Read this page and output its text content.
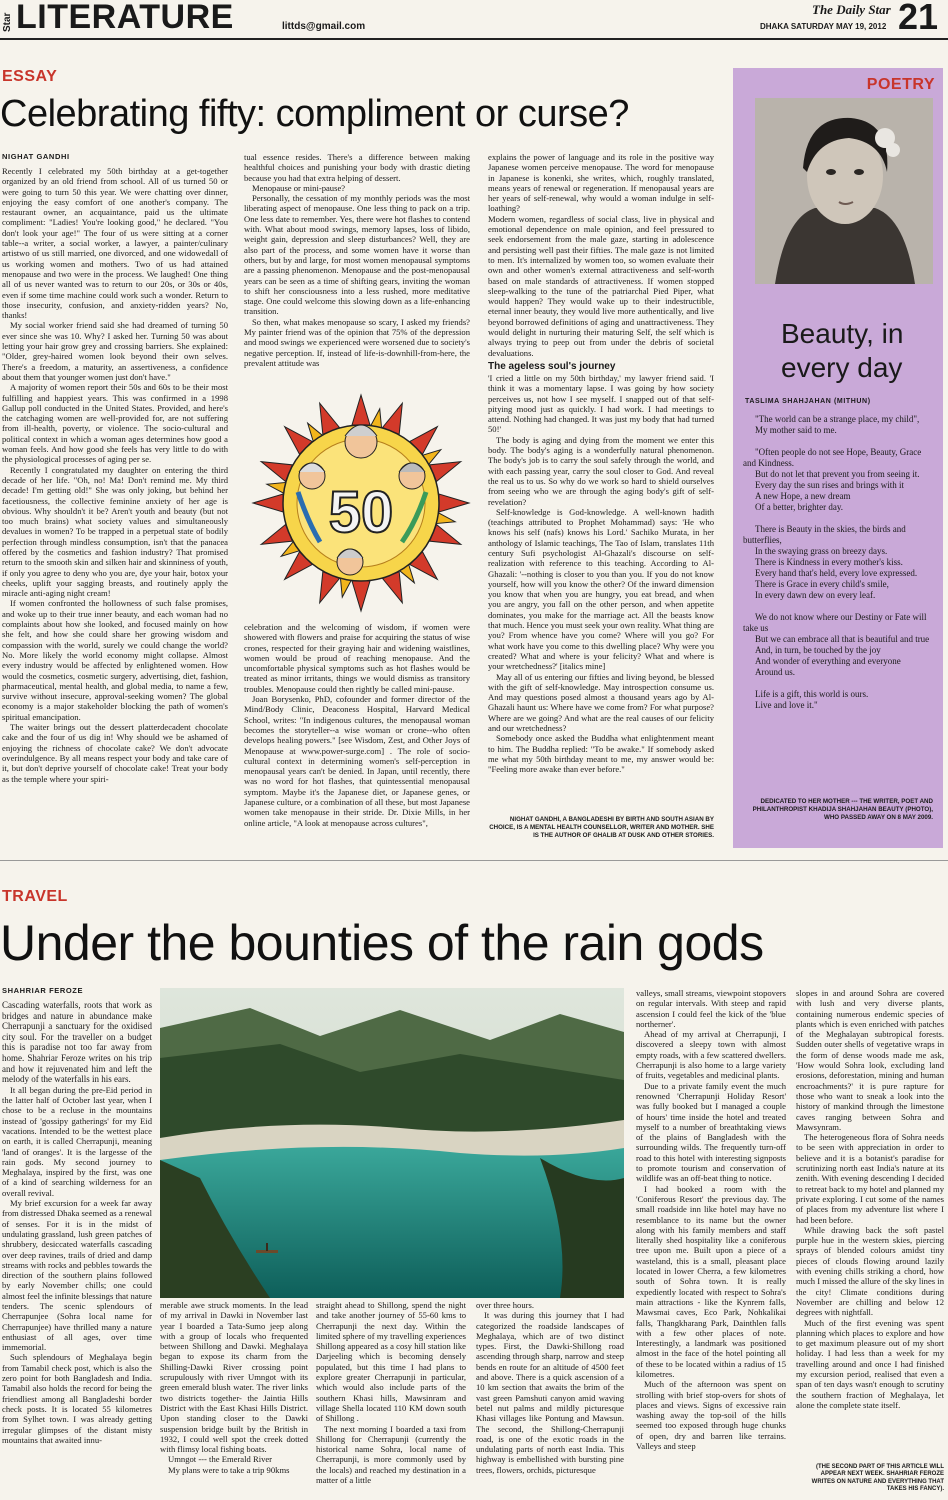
Star LITERATURE	littds@gmail.com
The Daily Star
DHAKA SATURDAY MAY 19, 2012 21
ESSAY
Celebrating fifty: compliment or curse?
NIGHAT GANDHI

Recently I celebrated my 50th birthday at a get-together organized by an old friend from school. All of us turned 50 or were going to turn 50 this year. We were chatting over dinner, enjoying the easy comfort of one another's company. The restaurant owner, an acquaintance, paid us the ultimate compliment: "Ladies! You're looking good," he declared. "You don't look your age!" The four of us were sitting at a corner table--a writer, a social worker, a lawyer, a painter/culinary artistwo of us still married, one divorced, and one widowedall of us working women and mothers. Two of us had attained menopause and two were in the process. We laughed! One thing all of us never wanted was to return to our 20s, or 30s or 40s, even if some time machine could work such a wonder. Return to those insecurity, confusion, and anxiety-ridden years? No, thanks!

My social worker friend said she had dreamed of turning 50 ever since she was 10. Why? I asked her. Turning 50 was about letting your hair grow grey and crossing barriers. She explained: "Older, grey-haired women look beyond their own selves. There's a freedom, a maturity, an assertiveness, a confidence about them that younger women just don't have."

A majority of women report their 50s and 60s to be their most fulfilling and happiest years. This was confirmed in a 1998 Gallup poll conducted in the United States. Provided, and here's the catchaging women are well-provided for, are not suffering from ill-health, poverty, or violence. The socio-cultural and political context in which a woman ages determines how good a woman feels. And how good she feels has very little to do with the physiological processes of aging per se.

Recently I congratulated my daughter on entering the third decade of her life. "Oh, no! Ma! Don't remind me. My third decade! I'm getting old!" She was only joking, but behind her facetiousness, the collective feminine anxiety of her age is obvious. Why shouldn't it be? Aren't youth and beauty (but not too much brains) what society values and simultaneously devalues in women? To be trapped in a perpetual state of bodily perfection through mindless consumption, isn't that the panacea offered by the cosmetics and fashion industry? That promised return to the smooth skin and silken hair and skinniness of youth, if only you agree to deny who you are, dye your hair, botox your cheeks, uplift your sagging breasts, and routinely apply the miracle anti-aging night cream!

If women confronted the hollowness of such false promises, and woke up to their true inner beauty, and each woman had no complaints about how she looked, and focused mainly on how she felt, and how she could share her growing wisdom and compassion with the world, surely we could change the world? No. More likely the world economy might collapse. Almost every industry would be affected by enlightened women. How would the cosmetics, cosmetic surgery, advertising, diet, fashion, pharmaceutical, mental health, and global media, to name a few, survive without insecure, approval-seeking women? The global economy is a major stakeholder blocking the path of women's spiritual emancipation.

The waiter brings out the dessert platterdecadent chocolate cake and the four of us dig in! Why should we be ashamed of enjoying the richness of chocolate cake? We don't advocate overindulgence. By all means respect your body and take care of it, but don't deprive yourself of chocolate cake! Treat your body as the temple where your spiri-

tual essence resides. There's a difference between making healthful choices and punishing your body with drastic dieting because you had that extra helping of dessert.

Menopause or mini-pause?

Personally, the cessation of my monthly periods was the most liberating aspect of menopause. One less thing to pack on a trip. One less date to remember. Yes, there were hot flashes to contend with. What about mood swings, memory lapses, loss of libido, weight gain, depression and sleep disturbances? Well, they are also part of the process, and some women have it worse than others, but by and large, for most women menopausal symptoms are a passing phenomenon. Menopause and the post-menopausal years can be seen as a time of shifting gears, inviting the woman to shift her consciousness into a less rushed, more meditative stage. One could welcome this slowing down as a life-enhancing transition.

So then, what makes menopause so scary, I asked my friends? My painter friend was of the opinion that 75% of the depression and mood swings we experienced were worsened due to society's negative perception. If, instead of life-is-downhill-from-here, the prevalent attitude was

50

celebration and the welcoming of wisdom, if women were showered with flowers and praise for acquiring the status of wise crones, respected for their graying hair and widening waistlines, women would be proud of reaching menopause. And the uncomfortable physical symptoms such as hot flashes would be treated as minor irritants, things we would dismiss as transitory troubles. Menopause could then rightly be called mini-pause.

Joan Borysenko, PhD, cofounder and former director of the Mind/Body Clinic, Deaconess Hospital, Harvard Medical School, writes: "In indigenous cultures, the menopausal woman becomes the storyteller--a wise woman or crone--who often develops healing powers." [see Wisdom, Zest, and Other Joys of Menopause at www.power-surge.com] . The role of socio-cultural context in determining women's self-perception in menopausal years can't be denied. In Japan, until recently, there was no word for hot flashes, that quintessential menopausal symptom. Maybe it's the Japanese diet, or Japanese genes, or Japanese culture, or a combination of all these, but most Japanese women take menopause in their stride. Dr. Dixie Mills, in her online article, "A look at menopause across cultures",

explains the power of language and its role in the positive way Japanese women perceive menopause. The word for menopause in Japanese is konenki, she writes, which, roughly translated, means years of renewal or regeneration. If menopausal years are her years of self-renewal, why would a woman indulge in self-loathing?

Modern women, regardless of social class, live in physical and emotional dependence on male opinion, and feel pressured to seek endorsement from the male gaze, starting in adolescence and persisting well past their fifties. The male gaze is not limited to men. It's internalized by women too, so women evaluate their own and other women's external attractiveness and self-worth based on male standards of attractiveness. If women stopped sleep-walking to the tune of the patriarchal Pied Piper, what would happen? They would wake up to their indestructible, eternal inner beauty, they would live more authentically, and live beyond borrowed definitions of aging and unattractiveness. They would delight in nurturing their maturing Self, the self which is always trying to peep out from under the debris of societal devaluations.

The ageless soul's journey

'I cried a little on my 50th birthday,' my lawyer friend said. 'I think it was a momentary lapse. I was going by how society perceives us, not how I see myself. I snapped out of that self-pitying mood just as quickly. I had work. I had meetings to attend. Nothing had changed. It was just my body that had turned 50!'

The body is aging and dying from the moment we enter this body. The body's aging is a wonderfully natural phenomenon. The body's job is to carry the soul safely through the world, and with each passing year, carry the soul closer to God. And reveal the real us to us. So why do we work so hard to shield ourselves from seeing who we are through the aging body's gift of self-revelation?

Self-knowledge is God-knowledge. A well-known hadith (teachings attributed to Prophet Mohammad) says: 'He who knows his self (nafs) knows his Lord.' Sachiko Murata, in her anthology of Islamic teachings, The Tao of Islam, translates 11th century Sufi psychologist Al-Ghazali's discourse on self-realization with reference to this teaching. According to Al-Ghazali: '--nothing is closer to you than you. If you do not know yourself, how will you know the other? Of the inward dimension you know that when you are hungry, you eat bread, and when you are angry, you fall on the other person, and when appetite dominates, you make for the marriage act. All the beasts know that much. Hence you must seek your own reality. What thing are you? From whence have you come? Where will you go? For what work have you come to this dwelling place? Why were you created? What and where is your felicity? What and where is your wretchedness?' [italics mine]

May all of us entering our fifties and living beyond, be blessed with the gift of self-knowledge. May introspection consume us. And may questions posed almost a thousand years ago by Al-Ghazali haunt us: Where have we come from? For what purpose? Where are we going? And what are the real causes of our felicity and our wretchedness?

Somebody once asked the Buddha what enlightenment meant to him. The Buddha replied: "To be awake." If somebody asked me what my 50th birthday meant to me, my answer would be: "Feeling more awake than ever before."

NIGHAT GANDHI, A BANGLADESHI BY BIRTH AND SOUTH ASIAN BY CHOICE, IS A MENTAL HEALTH COUNSELLOR, WRITER AND MOTHER. SHE IS THE AUTHOR OF GHALIB AT DUSK AND OTHER STORIES.
POETRY
Beauty, in
every day
TASLIMA SHAHJAHAN (MITHUN)
"The world can be a strange place, my child",
My mother said to me.
"Often people do not see Hope, Beauty, Grace and Kindness.
But do not let that prevent you from seeing it.
Every day the sun rises and brings with it
A new Hope, a new dream
Of a better, brighter day.
There is Beauty in the skies, the birds and butterflies,
In the swaying grass on breezy days.
There is Kindness in every mother's kiss.
Every hand that's held, every love expressed.
There is Grace in every child's smile,
In every dawn dew on every leaf.
We do not know where our Destiny or Fate will take us
But we can embrace all that is beautiful and true
And, in turn, be touched by the joy
And wonder of everything and everyone
Around us.
Life is a gift, this world is ours.
Live and love it."
DEDICATED TO HER MOTHER --- THE WRITER, POET AND PHILANTHROPIST KHADIJA SHAHJAHAN BEAUTY (PHOTO), WHO PASSED AWAY ON 8 MAY 2009.
TRAVEL
Under the bounties of the rain gods
SHAHRIAR FEROZE

Cascading waterfalls, roots that work as bridges and nature in abundance make Cherrapunji a sanctuary for the oxidised city soul. For the traveller on a budget this is paradise not too far away from home. Shahriar Feroze writes on his trip and how it rejuvenated him and left the melody of the waterfalls in his ears.

It all began during the pre-Eid period in the latter half of October last year, when I chose to be a recluse in the mountains instead of 'gossipy gatherings' for my Eid vacations. Intended to be the wettest place on earth, it is called Cherrapunji, meaning 'land of oranges'. It is the largesse of the rain gods. My second journey to Meghalaya, inspired by the first, was one of a kind of searching wilderness for an overall revival.

My brief excursion for a week far away from distressed Dhaka seemed as a renewal of senses. For it is in the midst of undulating grassland, lush green patches of shrubbery, desiccated waterfalls cascading over deep ravines, trails of dried and damp streams with rocks and pebbles towards the direction of the southern plains followed by early November chills; one could almost feel the infinite blessings that nature tenders. The scenic splendours of Cherrapunjee (Sohra local name for Cherrapunjee) have thrilled many a nature enthusiast of all ages, over time immemorial.

Such splendours of Meghalaya begin from Tamabil check post, which is also the zero point for both Bangladesh and India. Tamabil also holds the record for being the friendliest among all Bangladeshi border check posts. It is located 55 kilometres from Sylhet town. I was already getting irregular glimpses of the distant misty mountains that awaited innu-

merable awe struck moments. In the lead of my arrival in Dawki in November last year I boarded a Tata-Sumo jeep along with a group of locals who frequented between Shillong and Dawki. Meghalaya began to expose its charm from the Shilling-Dawki River crossing point scrupulously with river Umngot with its green emerald blush water. The river links two districts together- the Jaintia Hills District with the East Khasi Hills District. Upon standing closer to the Dawki suspension bridge built by the British in 1932, I could well spot the creek dotted with flimsy local fishing boats.

Umngot --- the Emerald River

My plans were to take a trip 90kms

straight ahead to Shillong, spend the night and take another journey of 55-60 kms to Cherrapunji the next day. Within the limited sphere of my travelling experiences Shillong appeared as a cosy hill station like Darjeeling which is becoming densely populated, but this time I had plans to explore greater Cherrapunji in particular, which would also include parts of the southern Khasi hills, Mawsinram and village Shella located 110 KM down south of Shillong .

The next morning I boarded a taxi from Shillong for Cherrapunji (currently the historical name Sohra, local name of Cherrapunji, is more commonly used by the locals) and reached my destination in a matter of a little

over three hours.

It was during this journey that I had categorized the roadside landscapes of Meghalaya, which are of two distinct types. First, the Dawki-Shillong road ascending through sharp, narrow and steep bends en route for an altitude of 4500 feet and above. There is a quick ascension of a 10 km section that awaits the brim of the vast green Pamshuti canyon amid waving betel nut palms and mildly picturesque Khasi villages like Pontung and Mawsun. The second, the Shillong-Cherrapunji road, is one of the exotic roads in the undulating parts of north east India. This highway is embellished with bursting pine trees, flowers, orchids, picturesque

valleys, small streams, viewpoint stopovers on regular intervals. With steep and rapid ascension I could feel the kick of the 'blue northerner'.

Ahead of my arrival at Cherrapunji, I discovered a sleepy town with almost empty roads, with a few scattered dwellers. Cherrapunji is also home to a large variety of fruits, vegetables and medicinal plants.

Due to a private family event the much renowned 'Cherrapunji Holiday Resort' was fully booked but I managed a couple of hours' time inside the hotel and treated myself to a number of breathtaking views of the plains of Bangladesh with the surrounding wilds. The frequently turn-off road to this hotel with interesting signposts to promote tourism and conservation of wildlife was an off-beat thing to notice.

I had booked a room with the 'Coniferous Resort' the previous day. The small roadside inn like hotel may have no resemblance to its name but the owner along with his family members and staff literally shed hospitality like a coniferous tree upon me. Built upon a piece of a wasteland, this is a small, pleasant place located in lower Cherra, a few kilometres south of Sohra town. It is really expediently located with respect to Sohra's main attractions - like the Kynrem falls, Mawsmai caves, Eco Park, Nohkalikai falls, Thangkharang Park, Dainthlen falls with a few other places of note. Interestingly, a landmark was positioned almost in the face of the hotel pointing all of these to be located within a radius of 15 kilometres.

Much of the afternoon was spent on strolling with brief stop-overs for shots of places and views. Signs of excessive rain washing away the top-soil of the hills seemed too exposed through huge chunks of open, dry and barren like terrains. Valleys and steep

slopes in and around Sohra are covered with lush and very diverse plants, containing numerous endemic species of plants which is even enriched with patches of the Meghalayan subtropical forests. Sudden outer shells of vegetative wraps in the form of dense woods made me ask, 'How would Sohra look, excluding land erosions, deforestation, mining and human encroachments?' it is pure rapture for those who want to sneak a look into the history of mankind through the limestone caves ranging between Sohra and Mawsynram.

The heterogeneous flora of Sohra needs to be seen with appreciation in order to believe and it is a botanist's paradise for scrutinizing north east India's nature at its zenith. With evening descending I decided to retreat back to my hotel and planned my private exploring. I cut some of the names of places from my adventure list where I had been before.

While drawing back the soft pastel purple hue in the western skies, piercing sprays of blended colours amidst tiny pieces of clouds flowing around lazily with evening chills striking a chord, how much I missed the allure of the sky lines in the city! Climate conditions during November are chilling and below 12 degrees with nightfall.

Much of the first evening was spent planning which places to explore and how to get maximum pleasure out of my short holiday. I had less than a week for my travelling around and once I had finished my excursion period, realised that even a span of ten days wasn't enough to scrutiny the southern fraction of Meghalaya, let alone the complete state itself.

(THE SECOND PART OF THIS ARTICLE WILL APPEAR NEXT WEEK. SHAHRIAR FEROZE WRITES ON NATURE AND EVERYTHING THAT TAKES HIS FANCY).
